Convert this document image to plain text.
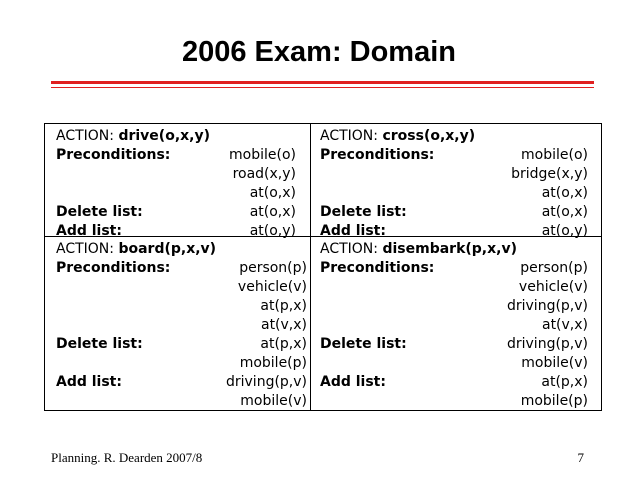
2006 Exam: Domain
ACTION: drive(o,x,y)
Preconditions:	mobile(o)
road(x,y)
at(o,x)
Delete list:	at(o,x)
Add list:	at(o,y)
ACTION: cross(o,x,y)
Preconditions:	mobile(o)
bridge(x,y)
at(o,x)
Delete list:	at(o,x)
Add list:	at(o,y)
ACTION: board(p,x,v)
Preconditions:	person(p)
vehicle(v)
at(p,x)
at(v,x)
Delete list:	at(p,x)
mobile(p)
Add list:	driving(p,v)
mobile(v)
ACTION: disembark(p,x,v)
Preconditions:	person(p)
vehicle(v)
driving(p,v)
at(v,x)
Delete list:	driving(p,v)
mobile(v)
Add list:	at(p,x)
mobile(p)
Planning. R. Dearden 2007/8	7
